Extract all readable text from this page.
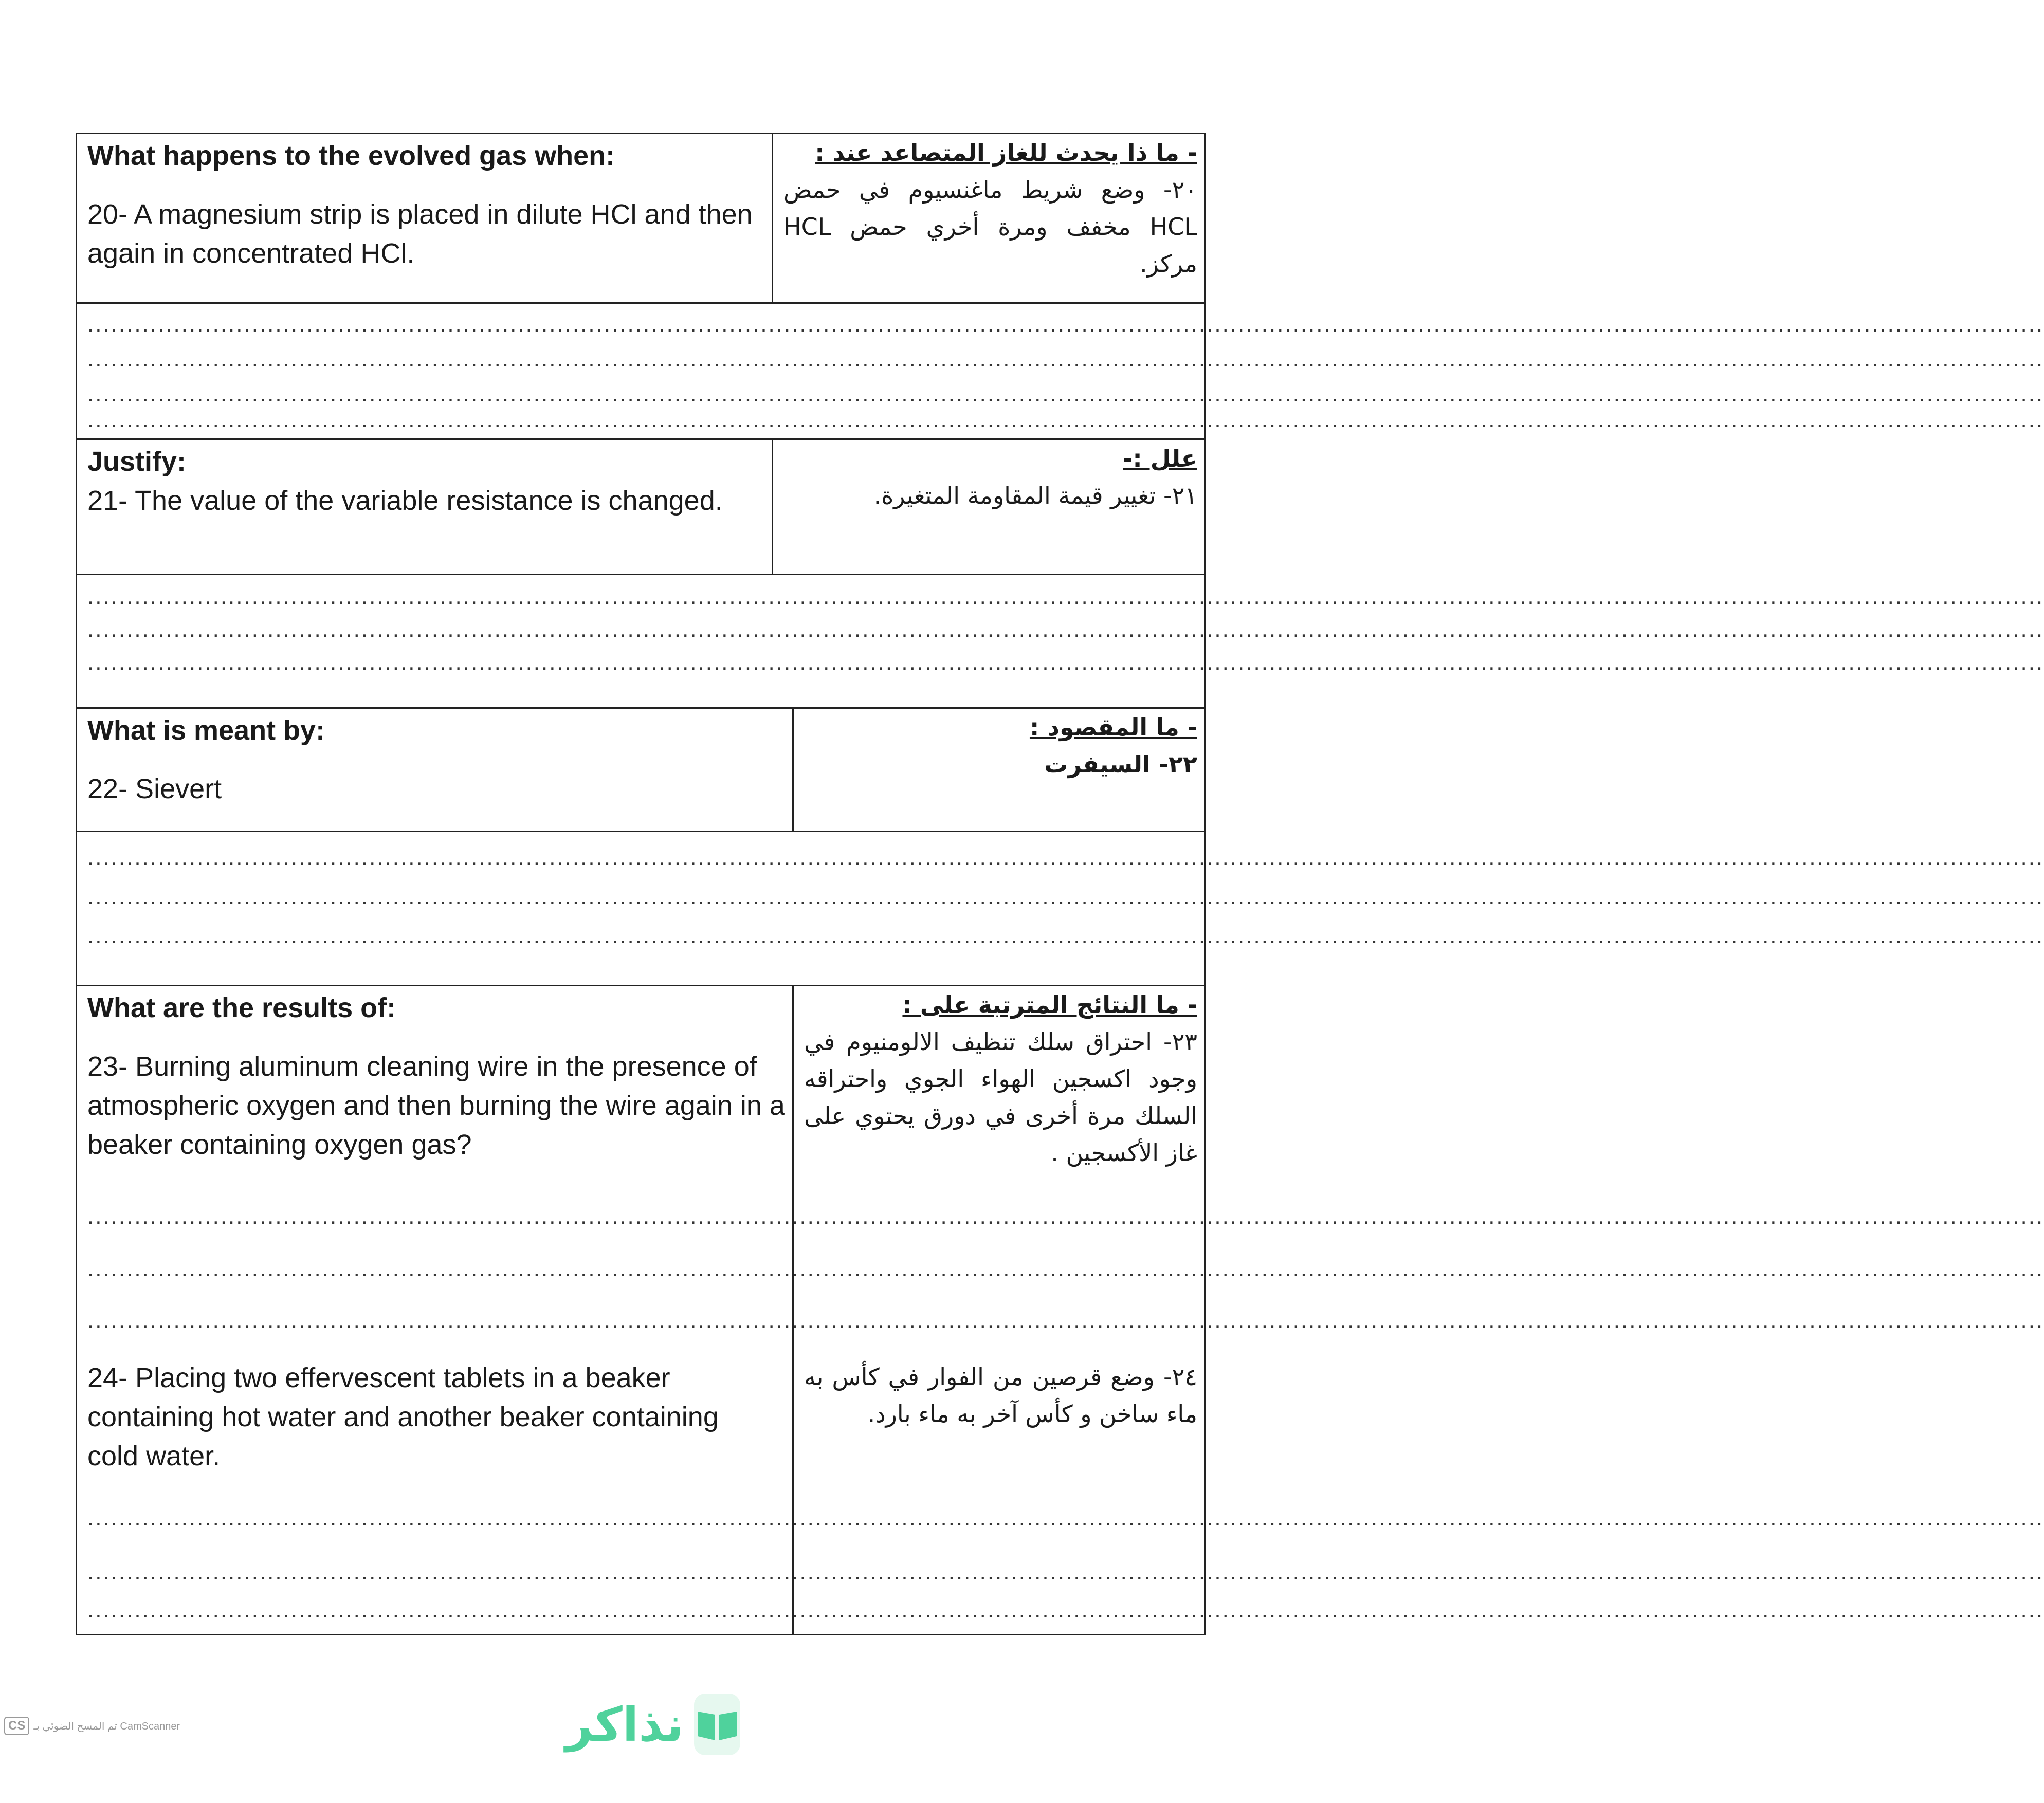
What happens to the evolved gas when:
20- A magnesium strip is placed in dilute HCl and then again in concentrated HCl.
- ما ذا يحدث للغاز المتصاعد عند :
٢٠- وضع شريط ماغنسيوم في حمض HCL مخفف ومرة أخري حمض HCL مركز.
..........................................................................................................................................................................................................................................................
..........................................................................................................................................................................................................................................................
..........................................................................................................................................................................................................................................................
..........................................................................................................................................................................................................................................................
Justify:
21- The value of the variable resistance is changed.
علل :-
٢١- تغيير قيمة المقاومة المتغيرة.
..........................................................................................................................................................................................................................................................
..........................................................................................................................................................................................................................................................
..........................................................................................................................................................................................................................................................
What is meant by:
22- Sievert
- ما المقصود :
٢٢- السيفرت
..........................................................................................................................................................................................................................................................
..........................................................................................................................................................................................................................................................
..........................................................................................................................................................................................................................................................
What are the results of:
23- Burning aluminum cleaning wire in the presence of atmospheric oxygen and then burning the wire again in a beaker containing oxygen gas?
..........................................................................................................................................................................................................................................................
..........................................................................................................................................................................................................................................................
..........................................................................................................................................................................................................................................................
24- Placing two effervescent tablets in a beaker containing hot water and another beaker containing cold water.
..........................................................................................................................................................................................................................................................
..........................................................................................................................................................................................................................................................
..........................................................................................................................................................................................................................................................
- ما النتائج المترتبة على :
٢٣- احتراق سلك تنظيف الالومنيوم في وجود اكسجين الهواء الجوي واحتراقه السلك مرة أخرى في دورق يحتوي على غاز الأكسجين .
٢٤- وضع قرصين من الفوار في كأس به ماء ساخن و كأس آخر به ماء بارد.
نذاكر
CS تم المسح الضوئي بـ CamScanner
